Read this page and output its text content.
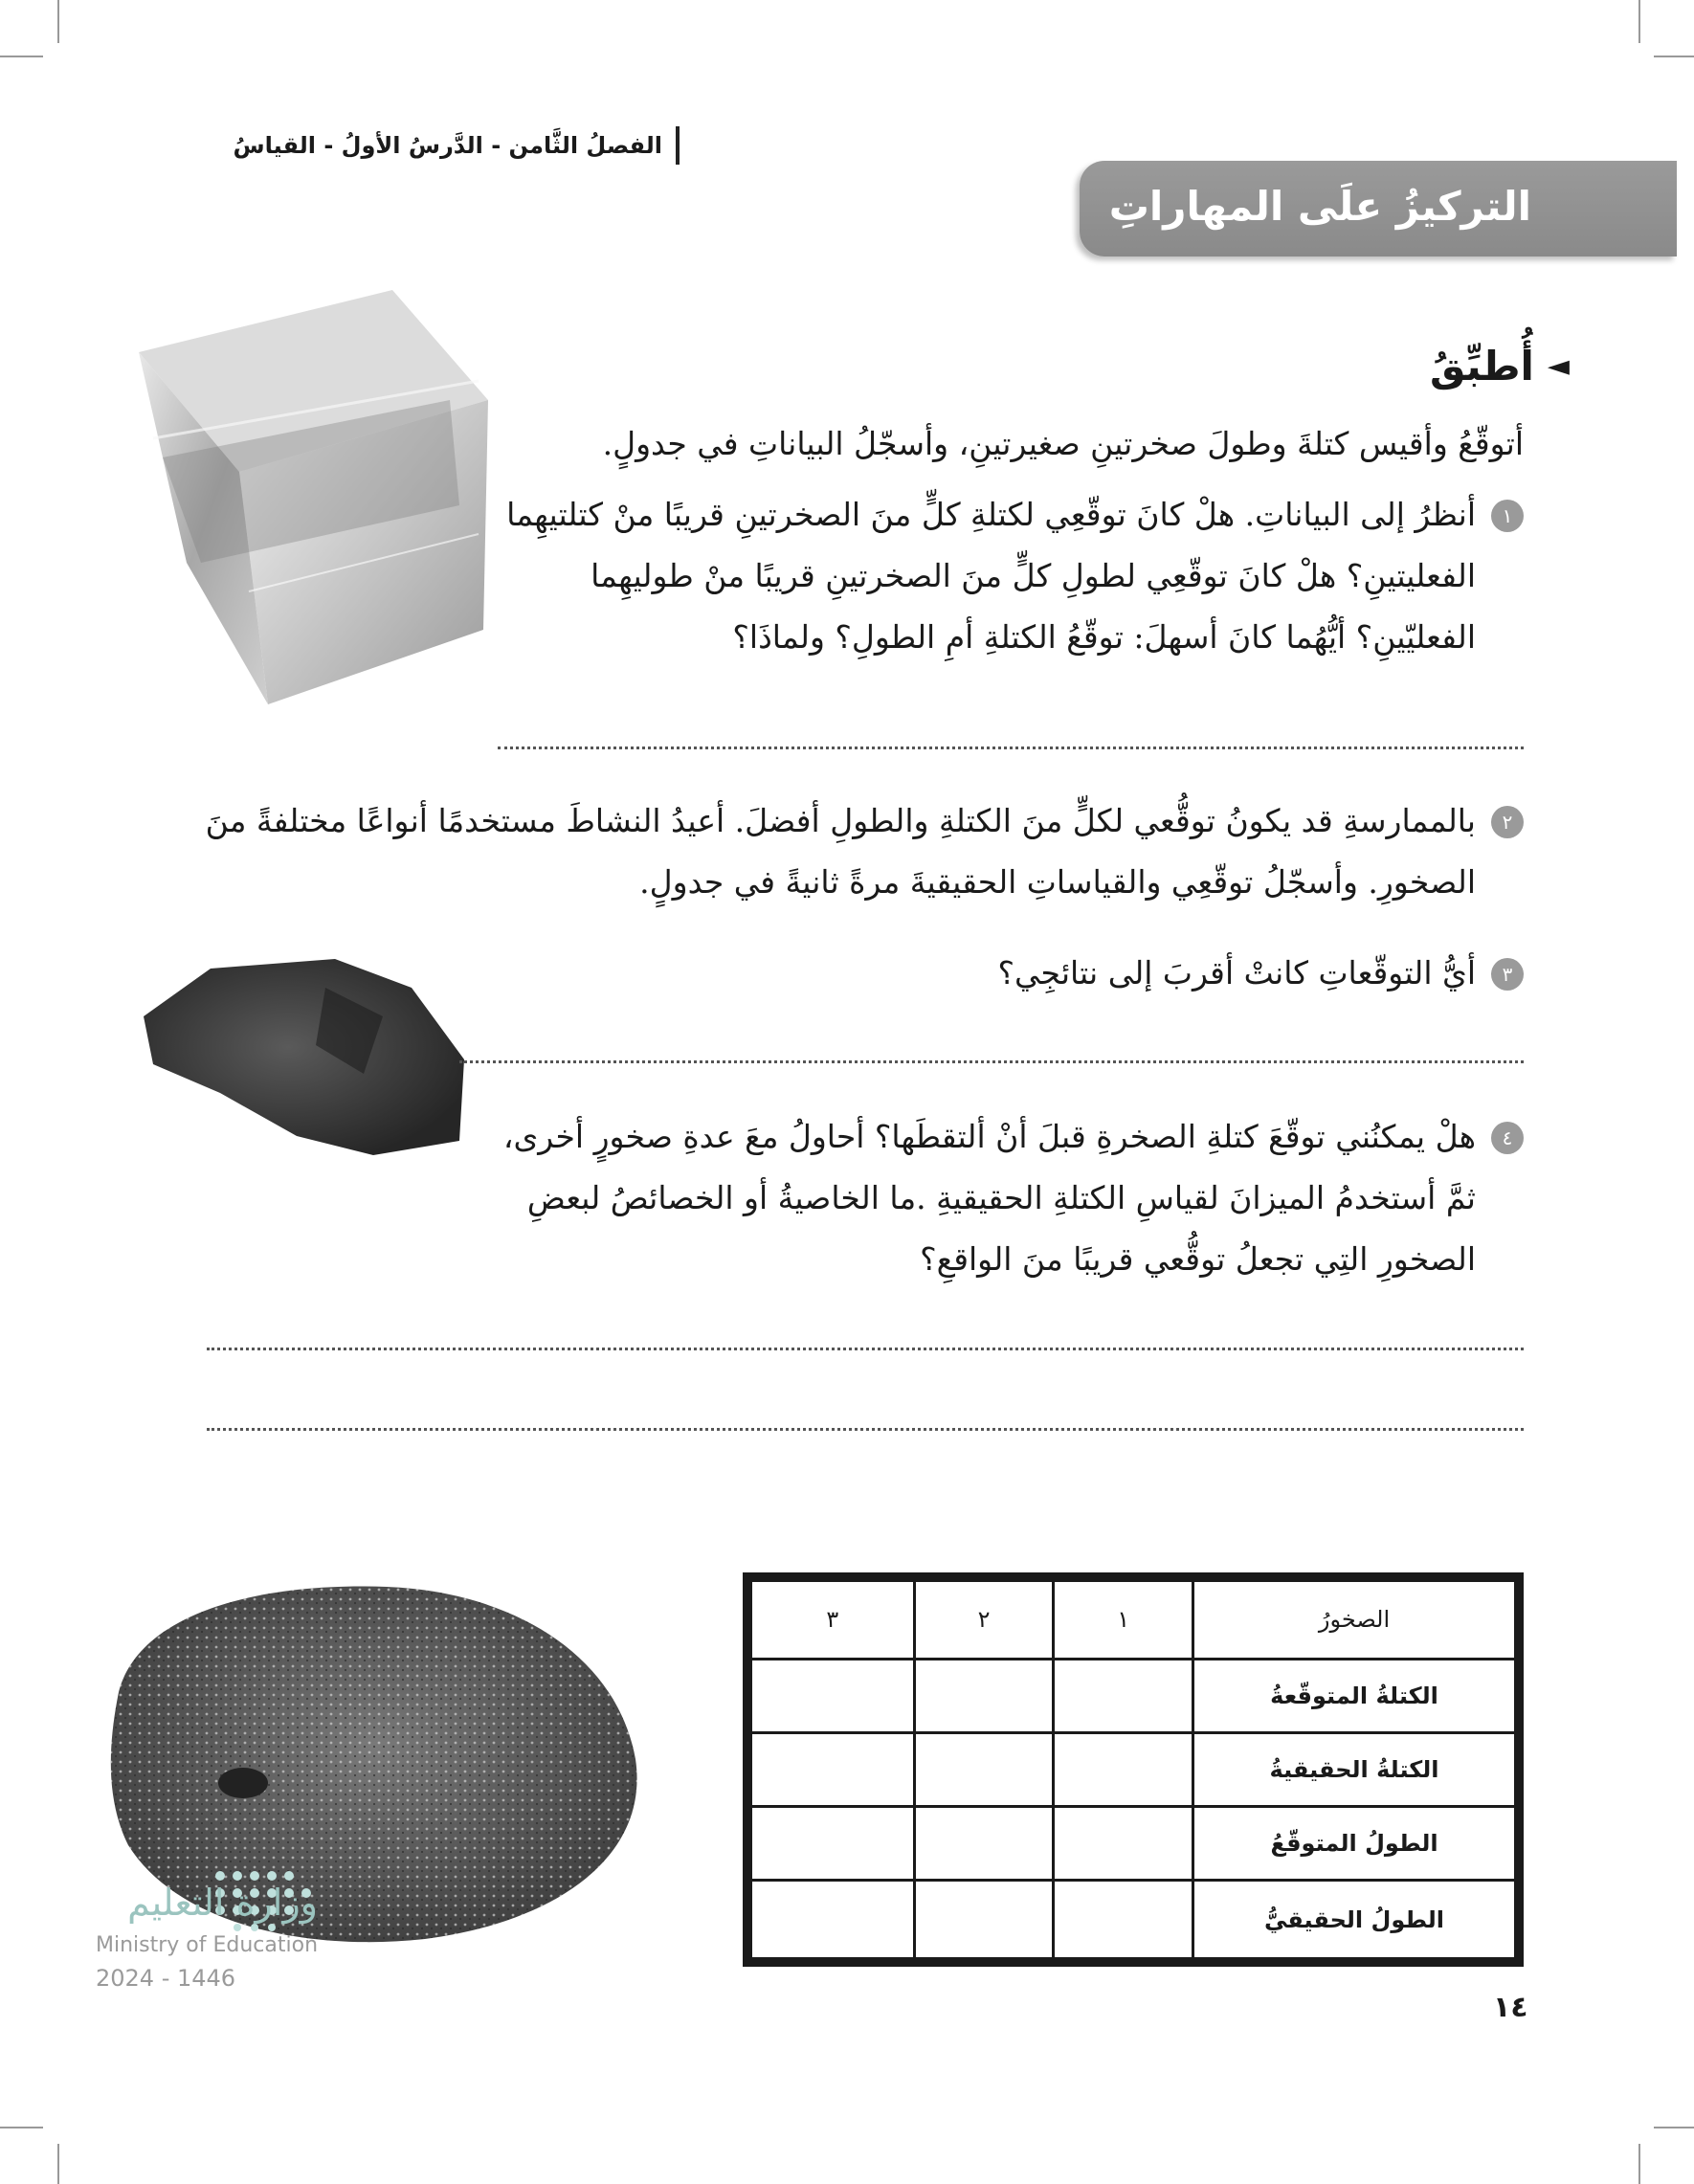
الفصلُ الثَّامن - الدَّرسُ الأولُ - القياسُ
التركيزُ علَى المهاراتِ
◄
أُطبِّقُ
أتوقّعُ وأقيس كتلةَ وطولَ صخرتينِ صغيرتينِ، وأسجّلُ البياناتِ في جدولٍ.
١
أنظرُ إلى البياناتِ. هلْ كانَ توقّعِي لكتلةِ كلٍّ منَ الصخرتينِ قريبًا منْ كتلتيهِما الفعليتينِ؟ هلْ كانَ توقّعِي لطولِ كلٍّ منَ الصخرتينِ قريبًا منْ طوليهِما الفعليّينِ؟ أيُّهُما كانَ أسهلَ: توقّعُ الكتلةِ أمِ الطولِ؟ ولماذَا؟
٢
بالممارسةِ قد يكونُ توقُّعي لكلٍّ منَ الكتلةِ والطولِ أفضلَ. أعيدُ النشاطَ مستخدمًا أنواعًا مختلفةً منَ الصخورِ. وأسجّلُ توقّعِي والقياساتِ الحقيقيةَ مرةً ثانيةً في جدولٍ.
٣
أيُّ التوقّعاتِ كانتْ أقربَ إلى نتائجِي؟
٤
هلْ يمكنُني توقّعَ كتلةِ الصخرةِ قبلَ أنْ ألتقطَها؟ أحاولُ معَ عدةِ صخورٍ أخرى، ثمَّ أستخدمُ الميزانَ لقياسِ الكتلةِ الحقيقيةِ .ما الخاصيةُ أو الخصائصُ لبعضِ الصخورِ التِي تجعلُ توقُّعي قريبًا منَ الواقعِ؟
وزارة التعليم
Ministry of Education
2024 - 1446
الصخورُ	١	٢	٣
الكتلةُ المتوقّعةُ			
الكتلةُ الحقيقيةُ			
الطولُ المتوقّعُ			
الطولُ الحقيقيُّ			
١٤
